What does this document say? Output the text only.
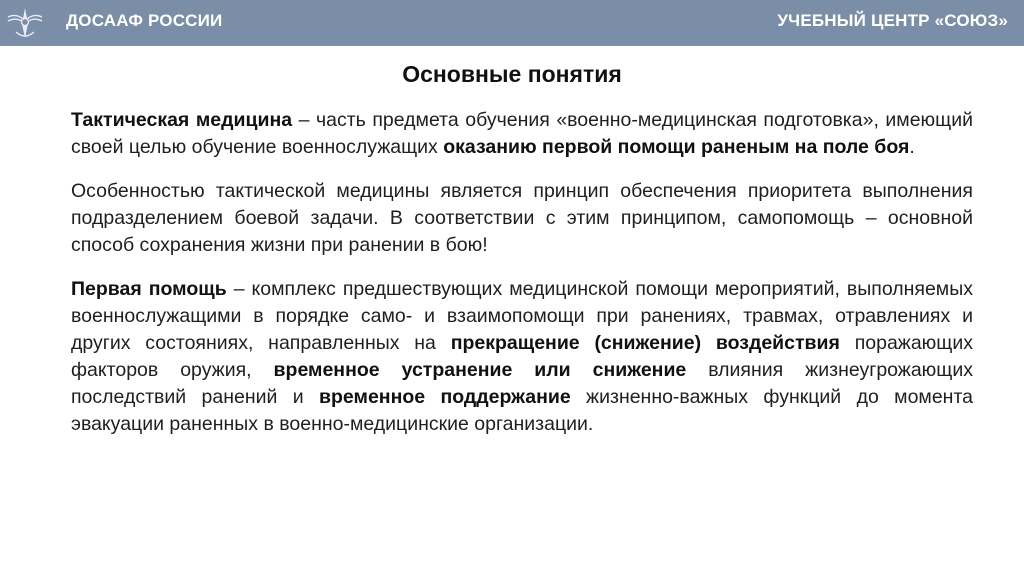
ДОСААФ РОССИИ	УЧЕБНЫЙ ЦЕНТР «СОЮЗ»
Основные понятия

Тактическая медицина – часть предмета обучения «военно-медицинская подготовка», имеющий своей целью обучение военнослужащих оказанию первой помощи раненым на поле боя.

Особенностью тактической медицины является принцип обеспечения приоритета выполнения подразделением боевой задачи. В соответствии с этим принципом, самопомощь – основной способ сохранения жизни при ранении в бою!

Первая помощь – комплекс предшествующих медицинской помощи мероприятий, выполняемых военнослужащими в порядке само- и взаимопомощи при ранениях, травмах, отравлениях и других состояниях, направленных на прекращение (снижение) воздействия поражающих факторов оружия, временное устранение или снижение влияния жизнеугрожающих последствий ранений и временное поддержание жизненно-важных функций до момента эвакуации раненных в военно-медицинские организации.
